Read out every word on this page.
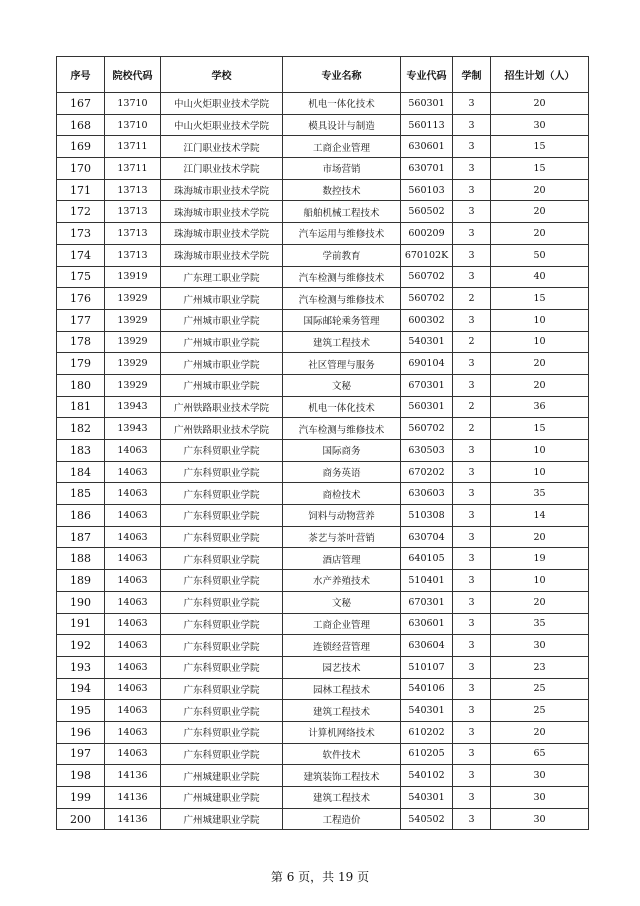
序号	院校代码	学校	专业名称	专业代码	学制	招生计划（人）
167	13710	中山火炬职业技术学院	机电一体化技术	560301	3	20
168	13710	中山火炬职业技术学院	模具设计与制造	560113	3	30
169	13711	江门职业技术学院	工商企业管理	630601	3	15
170	13711	江门职业技术学院	市场营销	630701	3	15
171	13713	珠海城市职业技术学院	数控技术	560103	3	20
172	13713	珠海城市职业技术学院	船舶机械工程技术	560502	3	20
173	13713	珠海城市职业技术学院	汽车运用与维修技术	600209	3	20
174	13713	珠海城市职业技术学院	学前教育	670102K	3	50
175	13919	广东理工职业学院	汽车检测与维修技术	560702	3	40
176	13929	广州城市职业学院	汽车检测与维修技术	560702	2	15
177	13929	广州城市职业学院	国际邮轮乘务管理	600302	3	10
178	13929	广州城市职业学院	建筑工程技术	540301	2	10
179	13929	广州城市职业学院	社区管理与服务	690104	3	20
180	13929	广州城市职业学院	文秘	670301	3	20
181	13943	广州铁路职业技术学院	机电一体化技术	560301	2	36
182	13943	广州铁路职业技术学院	汽车检测与维修技术	560702	2	15
183	14063	广东科贸职业学院	国际商务	630503	3	10
184	14063	广东科贸职业学院	商务英语	670202	3	10
185	14063	广东科贸职业学院	商检技术	630603	3	35
186	14063	广东科贸职业学院	饲料与动物营养	510308	3	14
187	14063	广东科贸职业学院	茶艺与茶叶营销	630704	3	20
188	14063	广东科贸职业学院	酒店管理	640105	3	19
189	14063	广东科贸职业学院	水产养殖技术	510401	3	10
190	14063	广东科贸职业学院	文秘	670301	3	20
191	14063	广东科贸职业学院	工商企业管理	630601	3	35
192	14063	广东科贸职业学院	连锁经营管理	630604	3	30
193	14063	广东科贸职业学院	园艺技术	510107	3	23
194	14063	广东科贸职业学院	园林工程技术	540106	3	25
195	14063	广东科贸职业学院	建筑工程技术	540301	3	25
196	14063	广东科贸职业学院	计算机网络技术	610202	3	20
197	14063	广东科贸职业学院	软件技术	610205	3	65
198	14136	广州城建职业学院	建筑装饰工程技术	540102	3	30
199	14136	广州城建职业学院	建筑工程技术	540301	3	30
200	14136	广州城建职业学院	工程造价	540502	3	30
第 6 页，共 19 页
